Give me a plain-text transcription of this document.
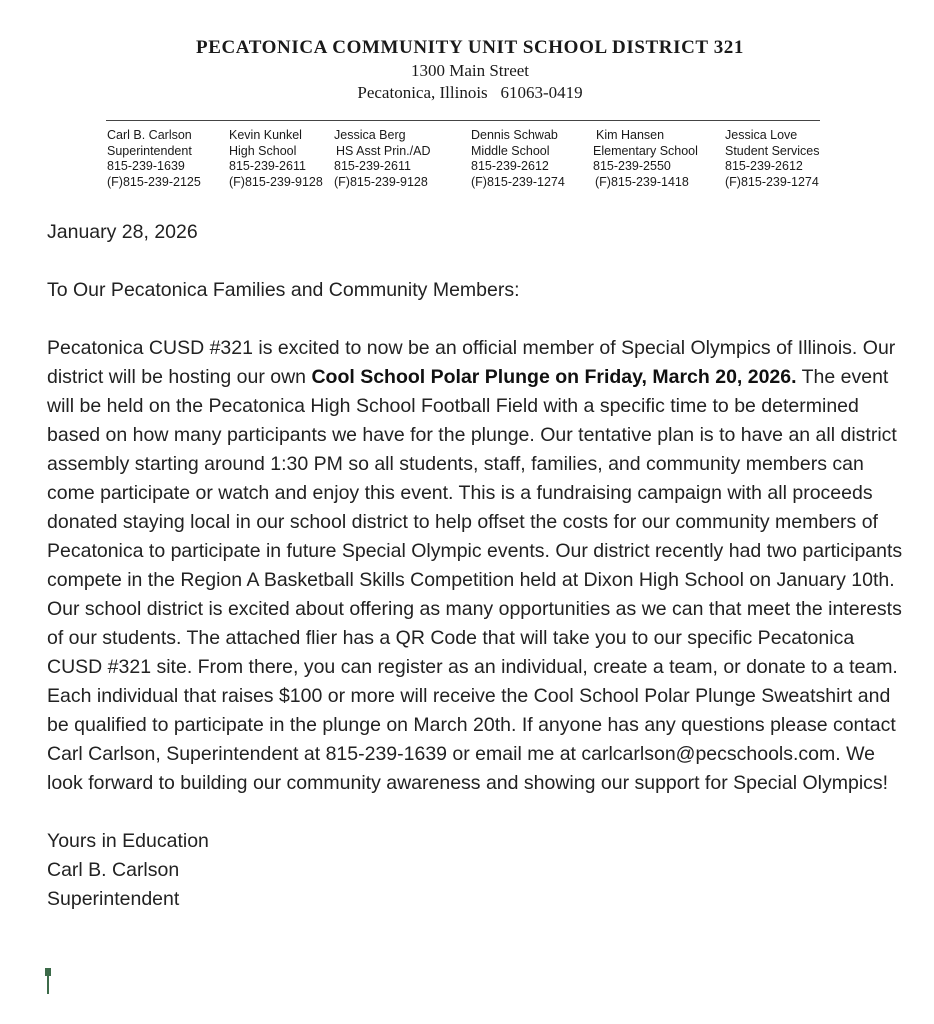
PECATONICA COMMUNITY UNIT SCHOOL DISTRICT 321
1300 Main Street
Pecatonica, Illinois 61063-0419
Carl B. Carlson
Superintendent
815-239-1639
(F)815-239-2125
Kevin Kunkel
High School
815-239-2611
(F)815-239-9128
Jessica Berg
HS Asst Prin./AD
815-239-2611
(F)815-239-9128
Dennis Schwab
Middle School
815-239-2612
(F)815-239-1274
Kim Hansen
Elementary School
815-239-2550
(F)815-239-1418
Jessica Love
Student Services
815-239-2612
(F)815-239-1274
January 28, 2026
To Our Pecatonica Families and Community Members:
Pecatonica CUSD #321 is excited to now be an official member of Special Olympics of Illinois. Our district will be hosting our own Cool School Polar Plunge on Friday, March 20, 2026. The event will be held on the Pecatonica High School Football Field with a specific time to be determined based on how many participants we have for the plunge. Our tentative plan is to have an all district assembly starting around 1:30 PM so all students, staff, families, and community members can come participate or watch and enjoy this event. This is a fundraising campaign with all proceeds donated staying local in our school district to help offset the costs for our community members of Pecatonica to participate in future Special Olympic events. Our district recently had two participants compete in the Region A Basketball Skills Competition held at Dixon High School on January 10th. Our school district is excited about offering as many opportunities as we can that meet the interests of our students. The attached flier has a QR Code that will take you to our specific Pecatonica CUSD #321 site. From there, you can register as an individual, create a team, or donate to a team. Each individual that raises $100 or more will receive the Cool School Polar Plunge Sweatshirt and be qualified to participate in the plunge on March 20th. If anyone has any questions please contact Carl Carlson, Superintendent at 815-239-1639 or email me at carlcarlson@pecschools.com. We look forward to building our community awareness and showing our support for Special Olympics!
Yours in Education
Carl B. Carlson
Superintendent
